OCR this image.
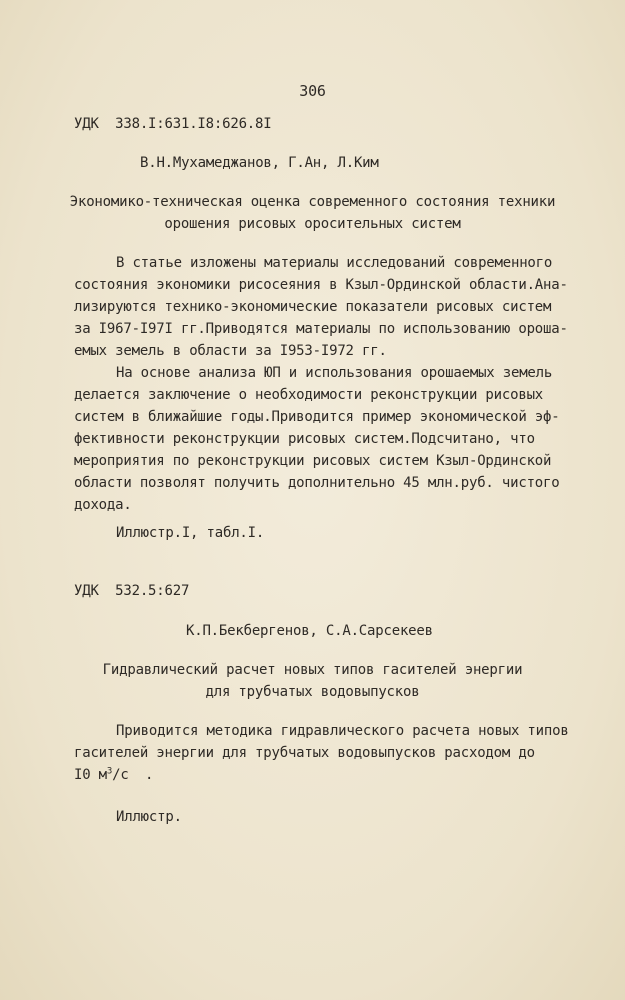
306
УДК  338.I:631.I8:626.8I
В.Н.Мухамеджанов, Г.Ан, Л.Ким
Экономико-техническая оценка современного состояния техники
орошения рисовых оросительных систем
В статье изложены материалы исследований современного
состояния экономики рисосеяния в Кзыл-Ординской области.Ана-
лизируются технико-экономические показатели рисовых систем
за I967-I97I гг.Приводятся материалы по использованию ороша-
емых земель в области за I953-I972 гг.
На основе анализа ЮП и использования орошаемых земель
делается заключение о необходимости реконструкции рисовых
систем в ближайшие годы.Приводится пример экономической эф-
фективности реконструкции рисовых систем.Подсчитано, что
мероприятия по реконструкции рисовых систем Кзыл-Ординской
области позволят получить дополнительно 45 млн.руб. чистого
дохода.
Иллюстр.I, табл.I.
УДК  532.5:627
К.П.Бекбергенов, С.А.Сарсекеев
Гидравлический расчет новых типов гасителей энергии
для трубчатых водовыпусков
Приводится методика гидравлического расчета новых типов
гасителей энергии для трубчатых водовыпусков расходом до
I0 $м^3/с$  .
Иллюстр.
